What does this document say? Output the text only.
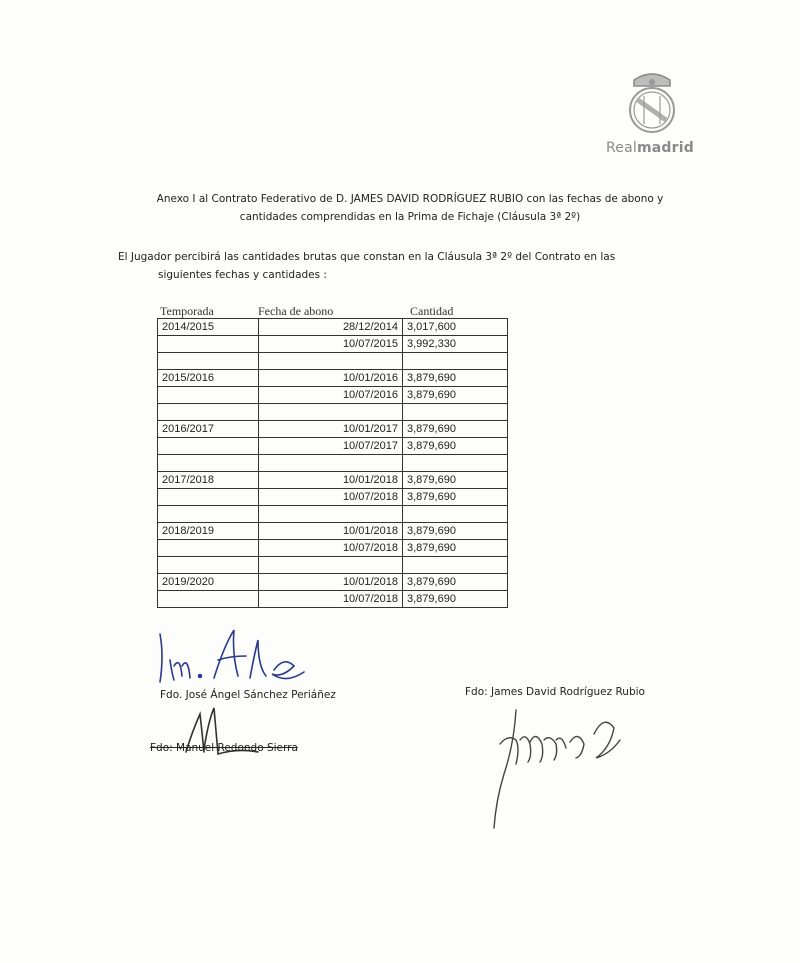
Realmadrid
Anexo I al Contrato Federativo de D. JAMES DAVID RODRÍGUEZ RUBIO con las fechas de abono y
cantidades comprendidas en la Prima de Fichaje (Cláusula 3ª 2º)
El Jugador percibirá las cantidades brutas que constan en la Cláusula 3ª 2º del Contrato en las
siguientes fechas y cantidades :
Temporada	Fecha de abono	Cantidad
2014/2015	28/12/2014	3,017,600
	10/07/2015	3,992,330

2015/2016	10/01/2016	3,879,690
	10/07/2016	3,879,690

2016/2017	10/01/2017	3,879,690
	10/07/2017	3,879,690

2017/2018	10/01/2018	3,879,690
	10/07/2018	3,879,690

2018/2019	10/01/2018	3,879,690
	10/07/2018	3,879,690

2019/2020	10/01/2018	3,879,690
	10/07/2018	3,879,690
Fdo. José Ángel Sánchez Periáñez	Fdo: James David Rodríguez Rubio
Fdo: Manuel Redondo Sierra
